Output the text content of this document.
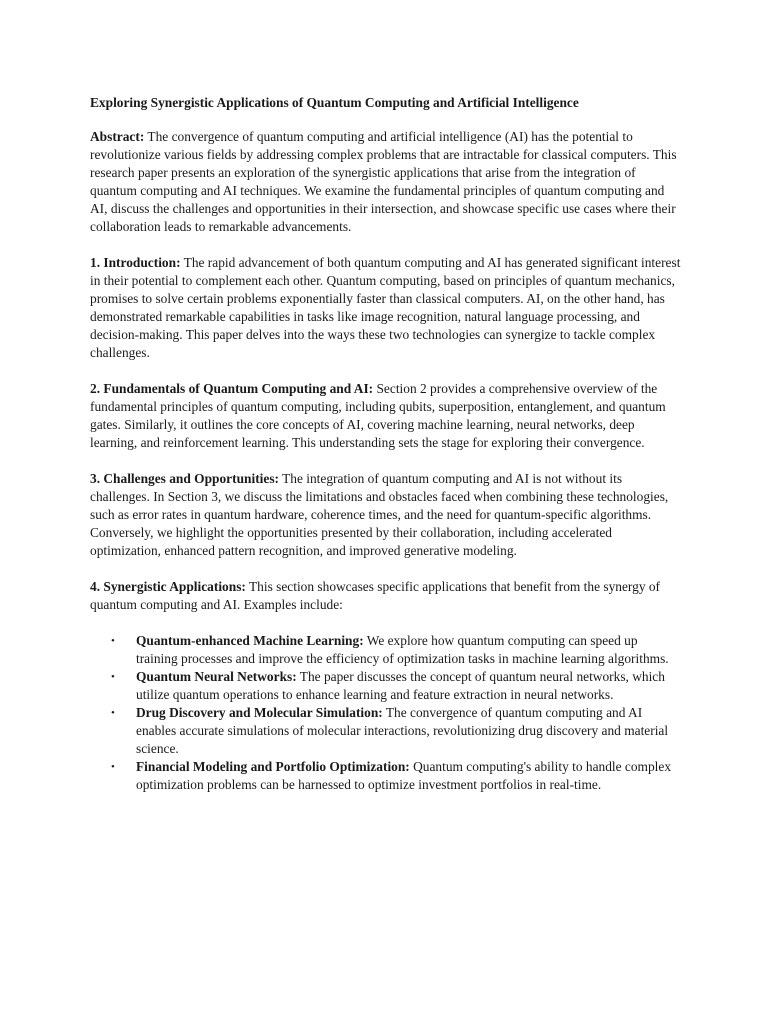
Exploring Synergistic Applications of Quantum Computing and Artificial Intelligence

Abstract: The convergence of quantum computing and artificial intelligence (AI) has the potential to revolutionize various fields by addressing complex problems that are intractable for classical computers. This research paper presents an exploration of the synergistic applications that arise from the integration of quantum computing and AI techniques. We examine the fundamental principles of quantum computing and AI, discuss the challenges and opportunities in their intersection, and showcase specific use cases where their collaboration leads to remarkable advancements.

1. Introduction: The rapid advancement of both quantum computing and AI has generated significant interest in their potential to complement each other. Quantum computing, based on principles of quantum mechanics, promises to solve certain problems exponentially faster than classical computers. AI, on the other hand, has demonstrated remarkable capabilities in tasks like image recognition, natural language processing, and decision-making. This paper delves into the ways these two technologies can synergize to tackle complex challenges.

2. Fundamentals of Quantum Computing and AI: Section 2 provides a comprehensive overview of the fundamental principles of quantum computing, including qubits, superposition, entanglement, and quantum gates. Similarly, it outlines the core concepts of AI, covering machine learning, neural networks, deep learning, and reinforcement learning. This understanding sets the stage for exploring their convergence.

3. Challenges and Opportunities: The integration of quantum computing and AI is not without its challenges. In Section 3, we discuss the limitations and obstacles faced when combining these technologies, such as error rates in quantum hardware, coherence times, and the need for quantum-specific algorithms. Conversely, we highlight the opportunities presented by their collaboration, including accelerated optimization, enhanced pattern recognition, and improved generative modeling.

4. Synergistic Applications: This section showcases specific applications that benefit from the synergy of quantum computing and AI. Examples include:

• Quantum-enhanced Machine Learning: We explore how quantum computing can speed up training processes and improve the efficiency of optimization tasks in machine learning algorithms.
• Quantum Neural Networks: The paper discusses the concept of quantum neural networks, which utilize quantum operations to enhance learning and feature extraction in neural networks.
• Drug Discovery and Molecular Simulation: The convergence of quantum computing and AI enables accurate simulations of molecular interactions, revolutionizing drug discovery and material science.
• Financial Modeling and Portfolio Optimization: Quantum computing's ability to handle complex optimization problems can be harnessed to optimize investment portfolios in real-time.
